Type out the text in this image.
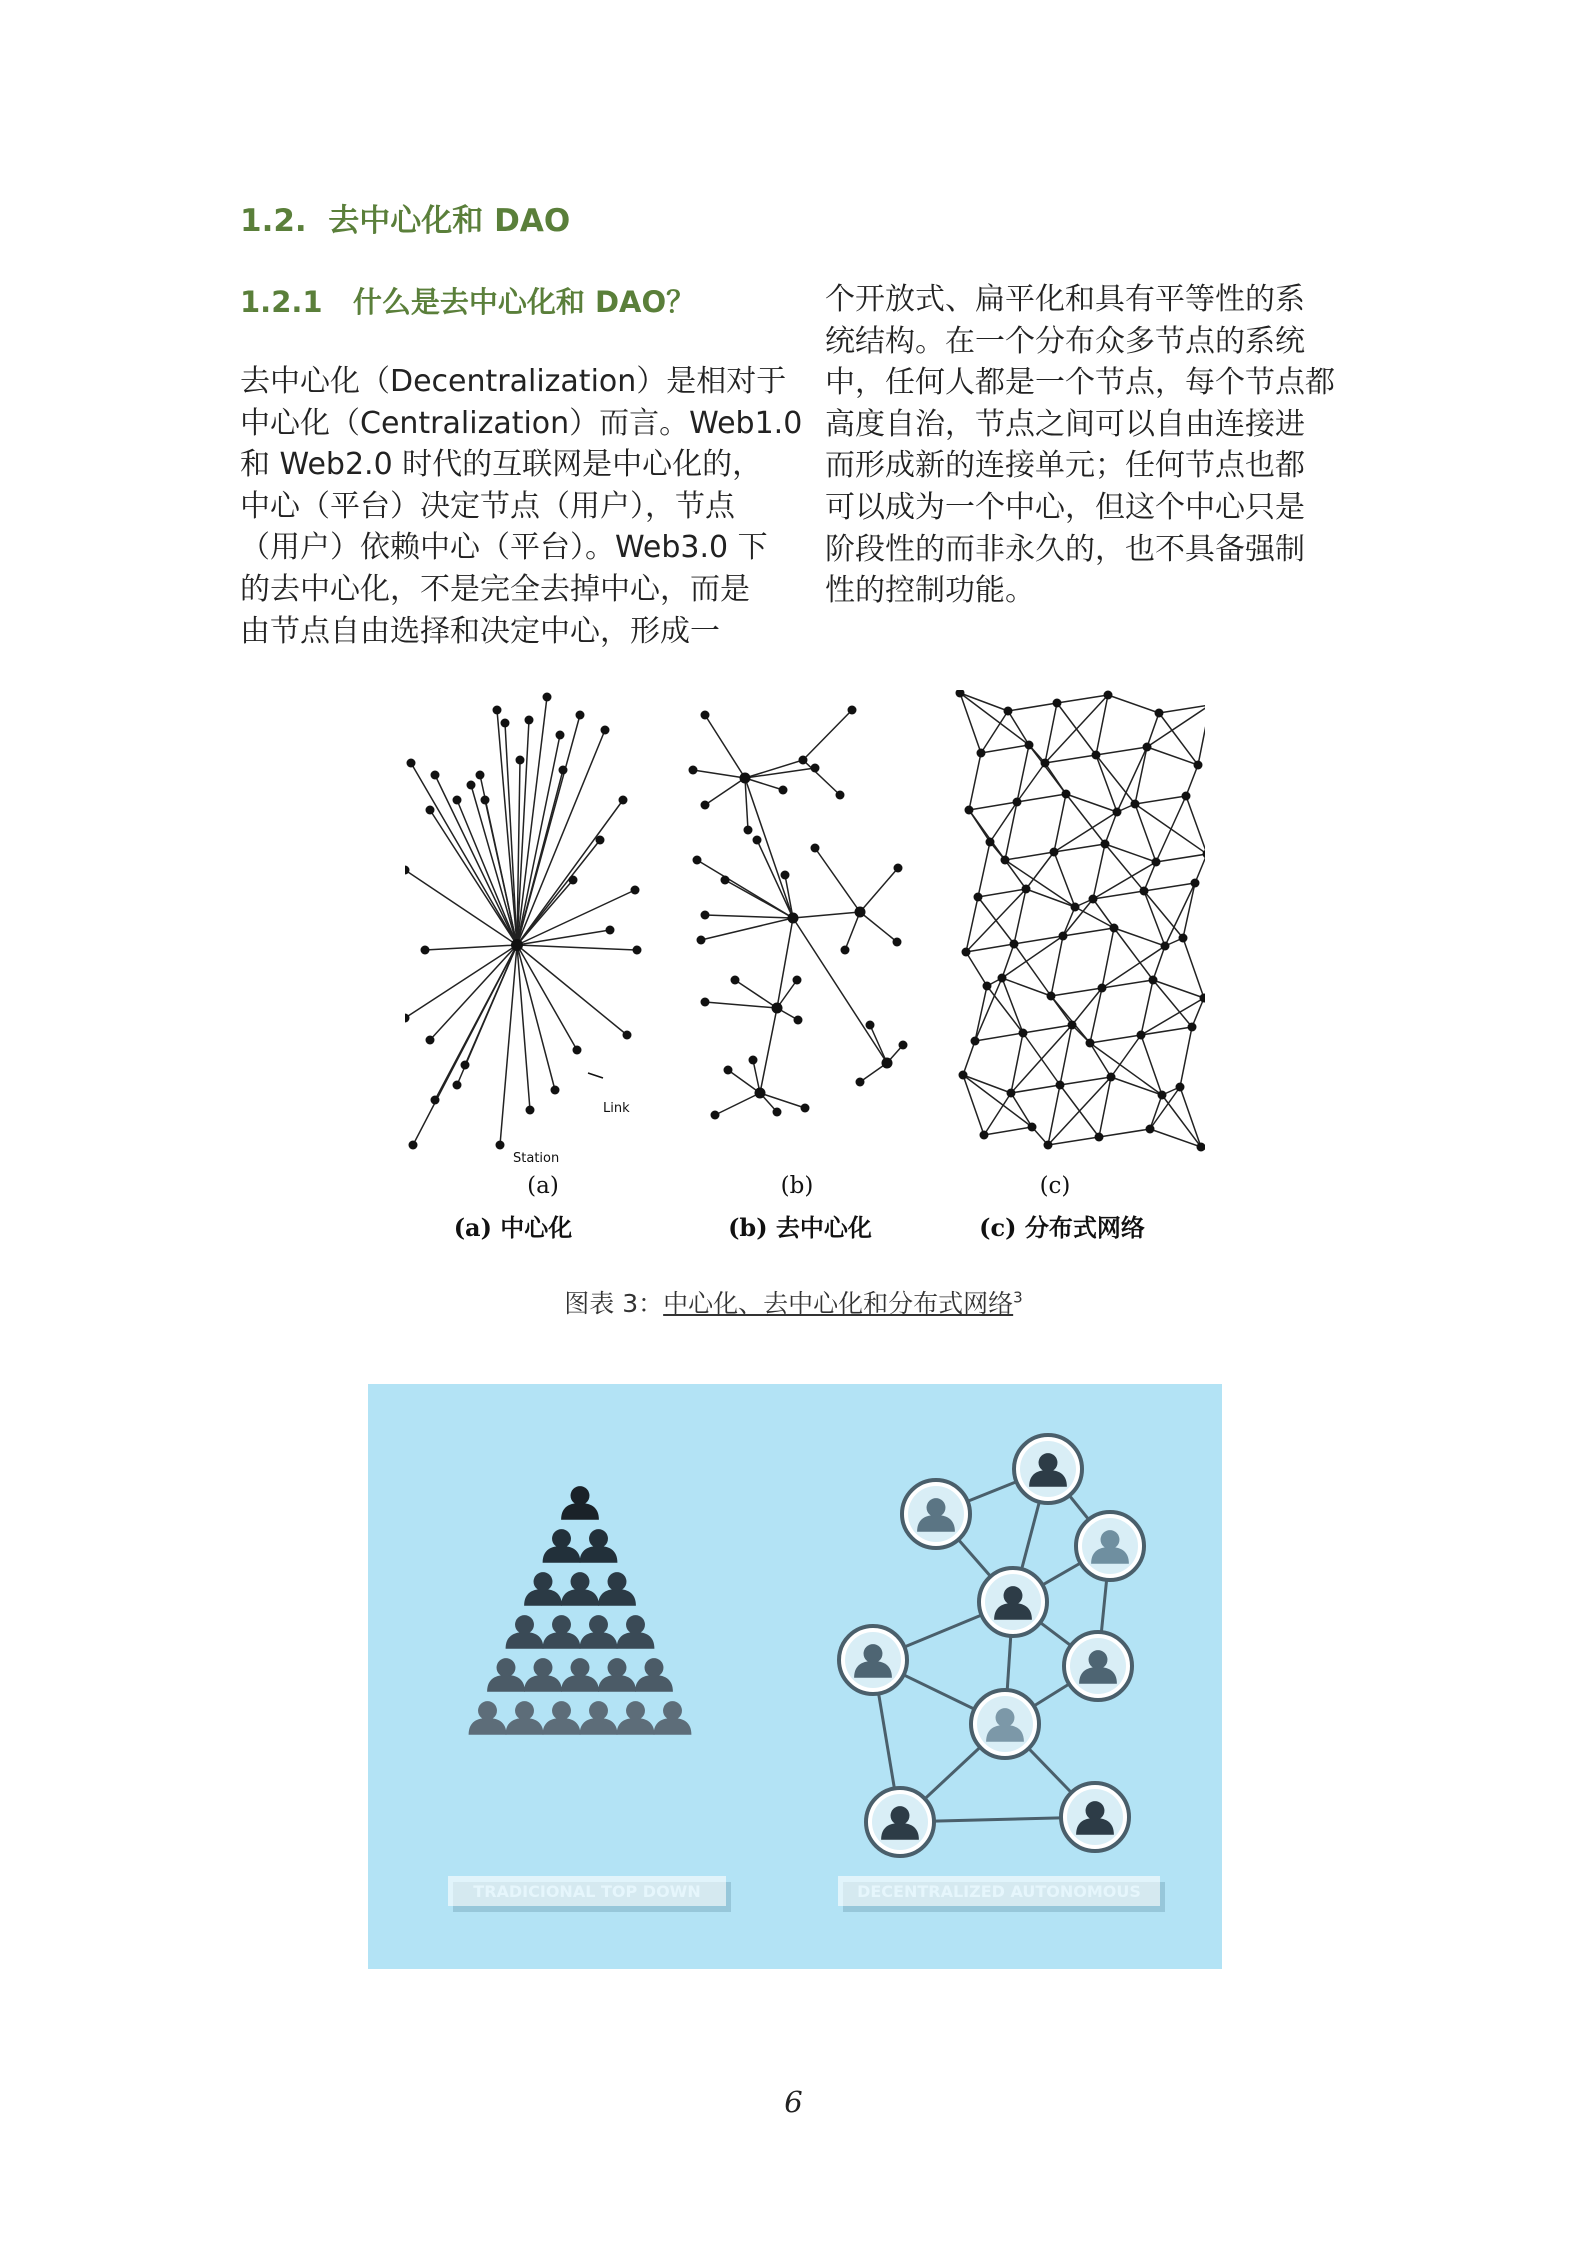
1.2. 去中心化和 DAO
1.2.1 什么是去中心化和 DAO？
去中心化（Decentralization）是相对于
中心化（Centralization）而言。Web1.0
和 Web2.0 时代的互联网是中心化的，
中心（平台）决定节点（用户），节点
（用户）依赖中心（平台）。Web3.0 下
的去中心化，不是完全去掉中心，而是
由节点自由选择和决定中心，形成一
个开放式、扁平化和具有平等性的系
统结构。在一个分布众多节点的系统
中，任何人都是一个节点，每个节点都
高度自治，节点之间可以自由连接进
而形成新的连接单元；任何节点也都
可以成为一个中心，但这个中心只是
阶段性的而非永久的，也不具备强制
性的控制功能。
Link
Station
(a)	(b)	(c)
(a) 中心化	(b) 去中心化	(c) 分布式网络
图表 3：中心化、去中心化和分布式网络$^3$
TRADICIONAL TOP DOWN	DECENTRALIZED AUTONOMOUS
6
